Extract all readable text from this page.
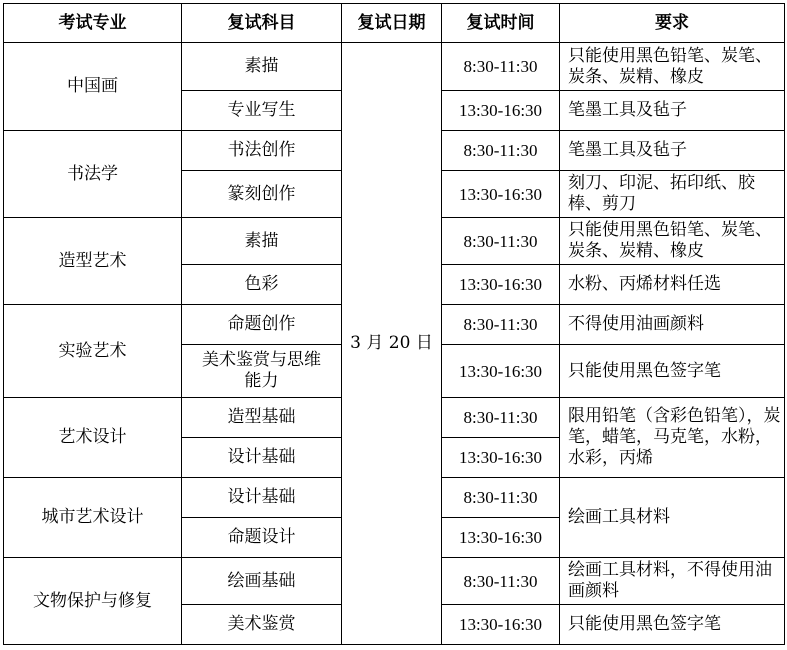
考试专业	复试科目	复试日期	复试时间	要求
中国画	素描	3 月 20 日	8:30-11:30	只能使用黑色铅笔、炭笔、炭条、炭精、橡皮
	专业写生		13:30-16:30	笔墨工具及毡子
书法学	书法创作		8:30-11:30	笔墨工具及毡子
	篆刻创作		13:30-16:30	刻刀、印泥、拓印纸、胶棒、剪刀
造型艺术	素描		8:30-11:30	只能使用黑色铅笔、炭笔、炭条、炭精、橡皮
	色彩		13:30-16:30	水粉、丙烯材料任选
实验艺术	命题创作		8:30-11:30	不得使用油画颜料
	美术鉴赏与思维能力		13:30-16:30	只能使用黑色签字笔
艺术设计	造型基础		8:30-11:30	限用铅笔（含彩色铅笔），炭笔，蜡笔，马克笔，水粉，水彩，丙烯
	设计基础		13:30-16:30	
城市艺术设计	设计基础		8:30-11:30	绘画工具材料
	命题设计		13:30-16:30	
文物保护与修复	绘画基础		8:30-11:30	绘画工具材料，不得使用油画颜料
	美术鉴赏		13:30-16:30	只能使用黑色签字笔
